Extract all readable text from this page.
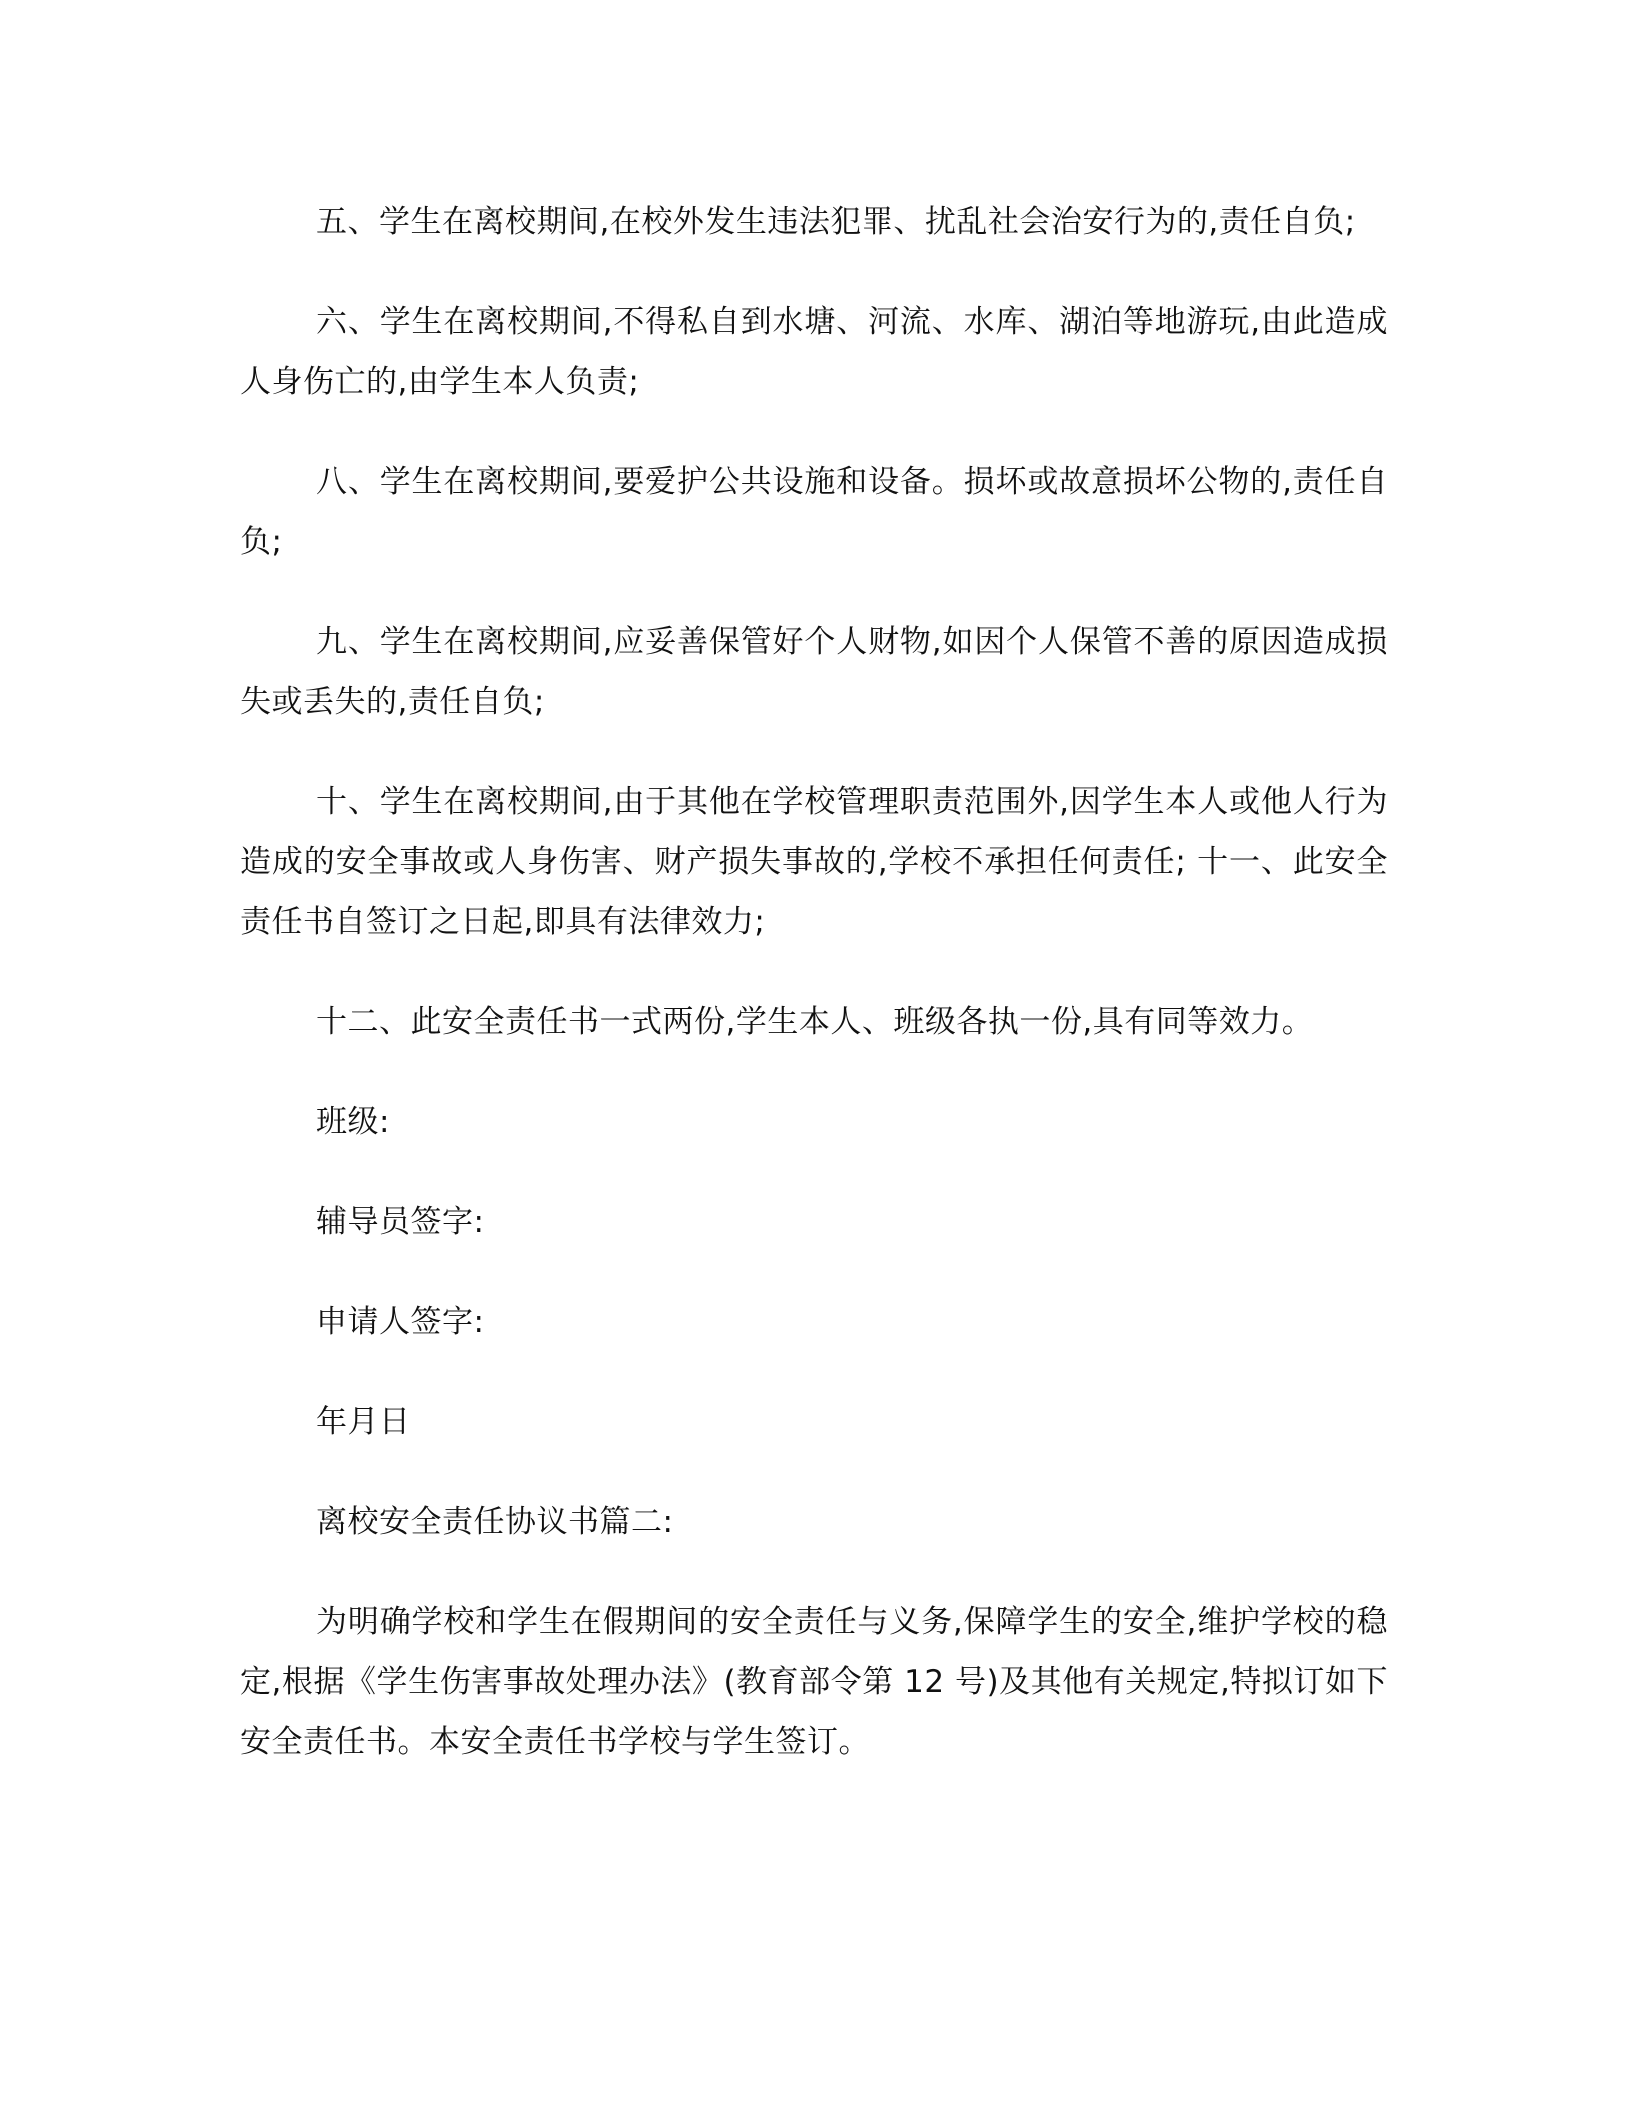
五、学生在离校期间,在校外发生违法犯罪、扰乱社会治安行为的,责任自负;

六、学生在离校期间,不得私自到水塘、河流、水库、湖泊等地游玩,由此造成人身伤亡的,由学生本人负责;

八、学生在离校期间,要爱护公共设施和设备。损坏或故意损坏公物的,责任自负;

九、学生在离校期间,应妥善保管好个人财物,如因个人保管不善的原因造成损失或丢失的,责任自负;

十、学生在离校期间,由于其他在学校管理职责范围外,因学生本人或他人行为造成的安全事故或人身伤害、财产损失事故的,学校不承担任何责任; 十一、此安全责任书自签订之日起,即具有法律效力;

十二、此安全责任书一式两份,学生本人、班级各执一份,具有同等效力。

班级:

辅导员签字:

申请人签字:

年月日

离校安全责任协议书篇二:

为明确学校和学生在假期间的安全责任与义务,保障学生的安全,维护学校的稳定,根据《学生伤害事故处理办法》(教育部令第 12 号)及其他有关规定,特拟订如下安全责任书。本安全责任书学校与学生签订。
